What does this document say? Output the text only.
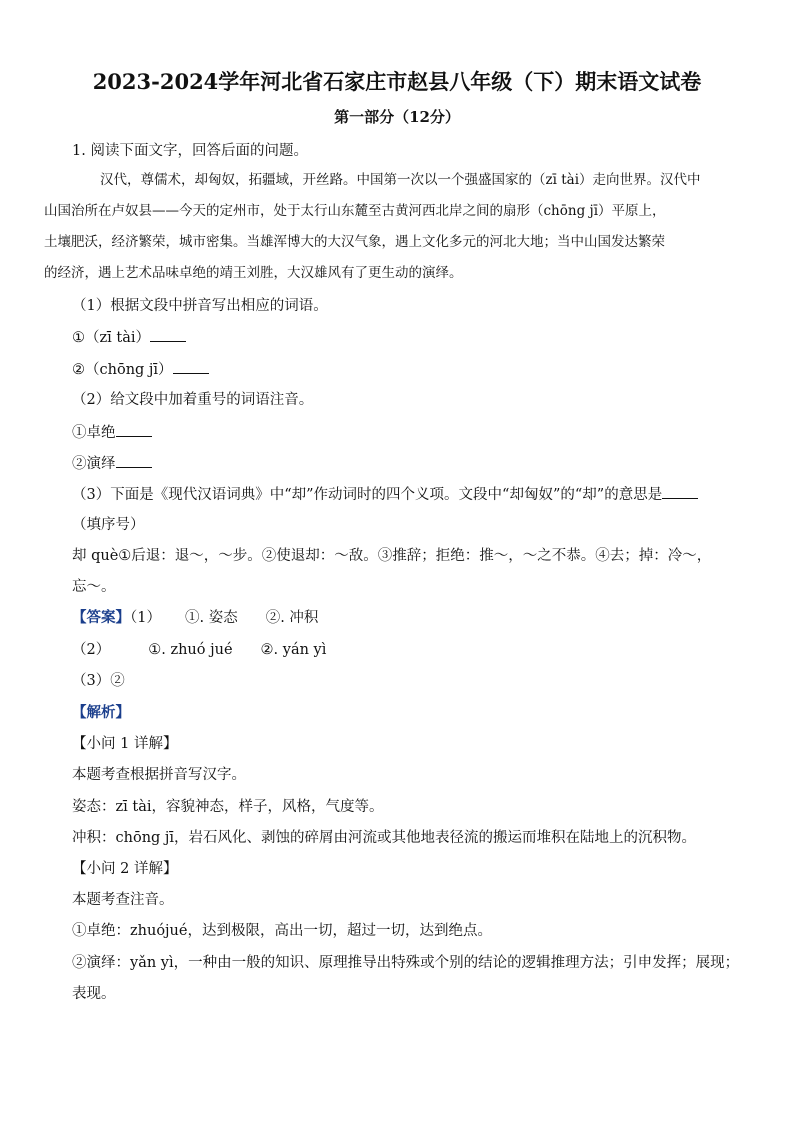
2023-2024学年河北省石家庄市赵县八年级（下）期末语文试卷
第一部分（12分）
1. 阅读下面文字，回答后面的问题。
汉代，尊儒术，却匈奴，拓疆域，开丝路。中国第一次以一个强盛国家的（zī tài）走向世界。汉代中
山国治所在卢奴县——今天的定州市，处于太行山东麓至古黄河西北岸之间的扇形（chōng jī）平原上，
土壤肥沃，经济繁荣，城市密集。当雄浑博大的大汉气象，遇上文化多元的河北大地；当中山国发达繁荣
的经济，遇上艺术品味卓绝的靖王刘胜，大汉雄风有了更生动的演绎。
（1）根据文段中拼音写出相应的词语。
①（zī tài）
②（chōng jī）
（2）给文段中加着重号的词语注音。
①卓绝
②演绎
（3）下面是《现代汉语词典》中“却”作动词时的四个义项。文段中“却匈奴”的“却”的意思是
（填序号）
却 què①后退：退～，～步。②使退却：～敌。③推辞；拒绝：推～，～之不恭。④去；掉：冷～，
忘～。
【答案】（1） ①. 姿态 ②. 冲积
（2）	①. zhuó jué ②. yán yì
（3）②
【解析】
【小问 1 详解】
本题考查根据拼音写汉字。
姿态：zī tài，容貌神态，样子，风格，气度等。
冲积：chōng jī，岩石风化、剥蚀的碎屑由河流或其他地表径流的搬运而堆积在陆地上的沉积物。
【小问 2 详解】
本题考查注音。
①卓绝：zhuójué，达到极限，高出一切，超过一切，达到绝点。
②演绎：yǎn yì，一种由一般的知识、原理推导出特殊或个别的结论的逻辑推理方法；引申发挥；展现；
表现。
